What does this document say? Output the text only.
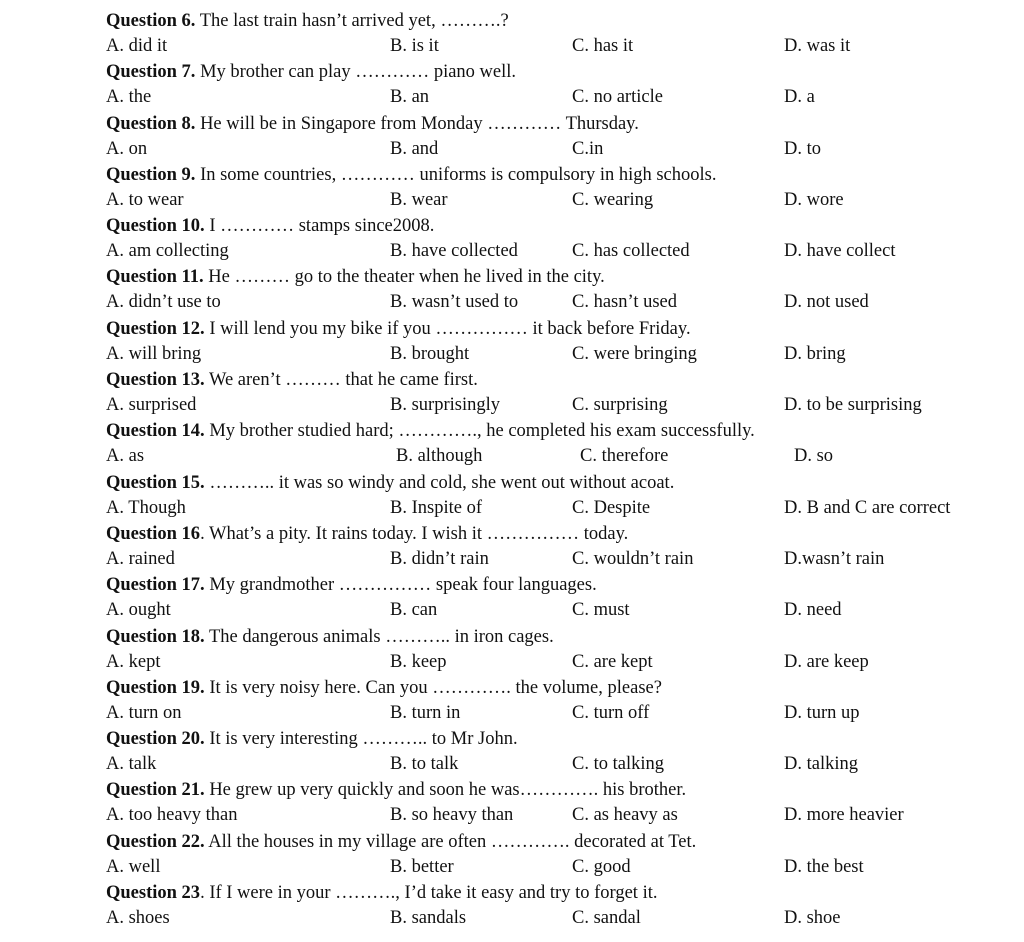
Question 6. The last train hasn’t arrived yet, ……….?
A. did it	B. is it	C. has it	D. was it
Question 7. My brother can play ………… piano well.
A. the	B. an	C. no article	D. a
Question 8. He will be in Singapore from Monday ………… Thursday.
A. on	B. and	C.in	D. to
Question 9. In some countries, ………… uniforms is compulsory in high schools.
A. to wear	B. wear	C. wearing	D. wore
Question 10. I ………… stamps since2008.
A. am collecting	B. have collected	C. has collected	D. have collect
Question 11. He ……… go to the theater when he lived in the city.
A. didn’t use to	B. wasn’t used to	C. hasn’t used	D. not used
Question 12. I will lend you my bike if you …………… it back before Friday.
A. will bring	B. brought	C. were bringing	D. bring
Question 13. We aren’t ……… that he came first.
A. surprised	B. surprisingly	C. surprising	D. to be surprising
Question 14. My brother studied hard; …………., he completed his exam successfully.
A. as	B. although	C. therefore	D. so
Question 15. ……….. it was so windy and cold, she went out without acoat.
A. Though	B. Inspite of	C. Despite	D. B and C are correct
Question 16. What’s a pity. It rains today. I wish it …………… today.
A. rained	B. didn’t rain	C. wouldn’t rain	D.wasn’t rain
Question 17. My grandmother …………… speak four languages.
A. ought	B. can	C. must	D. need
Question 18. The dangerous animals ……….. in iron cages.
A. kept	B. keep	C. are kept	D. are keep
Question 19. It is very noisy here. Can you …………. the volume, please?
A. turn on	B. turn in	C. turn off	D. turn up
Question 20. It is very interesting ……….. to Mr John.
A. talk	B. to talk	C. to talking	D. talking
Question 21. He grew up very quickly and soon he was…………. his brother.
A. too heavy than	B. so heavy than	C. as heavy as	D. more heavier
Question 22. All the houses in my village are often …………. decorated at Tet.
A. well	B. better	C. good	D. the best
Question 23. If I were in your ………., I’d take it easy and try to forget it.
A. shoes	B. sandals	C. sandal	D. shoe
